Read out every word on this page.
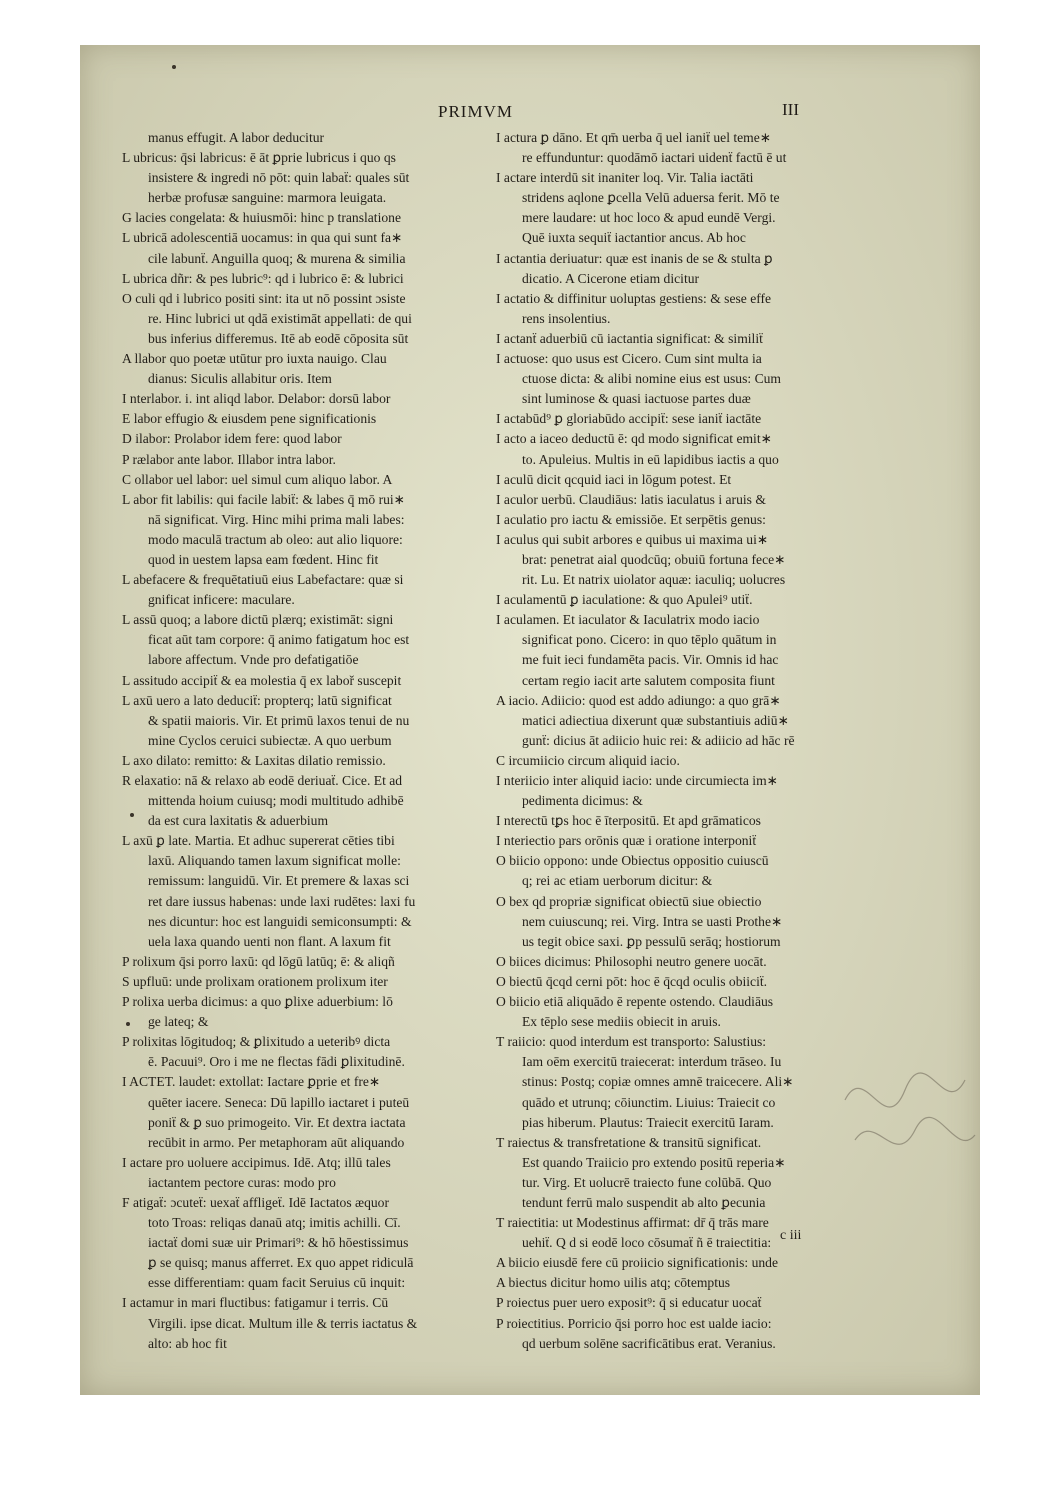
PRIMVM	III
manus effugit. A labor deducitur
L ubricus: q̄si labricus: ē āt ꝑprie lubricus i quo qs
insistere & ingredi nō pōt: quin labaẗ: quales sūt
herbæ profusæ sanguine: marmora leuigata.
G lacies congelata: & huiusmōi: hinc p translatione
L ubricā adolescentiā uocamus: in qua qui sunt fa∗
cile labunẗ. Anguilla quoq; & murena & similia
L ubrica dñr: & pes lubric⁹: qd i lubrico ē: & lubrici
O culi qd i lubrico positi sint: ita ut nō possint ɔsiste
re. Hinc lubrici ut qdā existimāt appellati: de qui
bus inferius differemus. Itē ab eodē cōposita sūt
A llabor quo poetæ utūtur pro iuxta nauigo. Clau
dianus: Siculis allabitur oris. Item
I nterlabor. i. int aliqd labor. Delabor: dorsū labor
E labor effugio & eiusdem pene significationis
D ilabor: Prolabor idem fere: quod labor
P rælabor ante labor. Illabor intra labor.
C ollabor uel labor: uel simul cum aliquo labor. A
L abor fit labilis: qui facile labiẗ: & labes q̄ mō rui∗
nā significat. Virg. Hinc mihi prima mali labes:
modo maculā tractum ab oleo: aut alio liquore:
quod in uestem lapsa eam fœdent. Hinc fit
L abefacere & frequētatiuū eius Labefactare: quæ si
gnificat inficere: maculare.
L assū quoq; a labore dictū plærq; existimāt: signi
ficat aūt tam corpore: q̄ animo fatigatum hoc est
labore affectum. Vnde pro defatigatiōe
L assitudo accipiẗ & ea molestia q̄ ex laboř suscepit
L axū uero a lato deduciẗ: propterq; latū significat
& spatii maioris. Vir. Et primū laxos tenui de nu
mine Cyclos ceruici subiectæ. A quo uerbum
L axo dilato: remitto: & Laxitas dilatio remissio.
R elaxatio: nā & relaxo ab eodē deriuaẗ. Cice. Et ad
mittenda hoium cuiusq; modi multitudo adhibē
da est cura laxitatis & aduerbium
L axū ꝑ late. Martia. Et adhuc supererat cēties tibi
laxū. Aliquando tamen laxum significat molle:
remissum: languidū. Vir. Et premere & laxas sci
ret dare iussus habenas: unde laxi rudētes: laxi fu
nes dicuntur: hoc est languidi semiconsumpti: &
uela laxa quando uenti non flant. A laxum fit
P rolixum q̄si porro laxū: qd lōgū latūq; ē: & aliqñ
S upfluū: unde prolixam orationem prolixum iter
P rolixa uerba dicimus: a quo ꝑlixe aduerbium: lō
ge lateq; &
P rolixitas lōgitudoq; & ꝑlixitudo a ueteribꝰ dicta
ē. Pacuui⁹. Oro i me ne flectas fādi ꝑlixitudinē.
I ACTET. laudet: extollat: Iactare ꝑprie et fre∗
quēter iacere. Seneca: Dū lapillo iactaret i puteū
poniẗ & ꝑ suo primogeito. Vir. Et dextra iactata
recūbit in armo. Per metaphoram aūt aliquando
I actare pro uoluere accipimus. Idē. Atq; illū tales
iactantem pectore curas: modo pro
F atigaẗ: ɔcuteẗ: uexaẗ affligeẗ. Idē Iactatos æquor
toto Troas: reliqas danaū atq; imitis achilli. Cī.
iactaẗ domi suæ uir Primari⁹: & hō hōestissimus
ꝑ se quisq; manus afferret. Ex quo appet ridiculā
esse differentiam: quam facit Seruius cū inquit:
I actamur in mari fluctibus: fatigamur i terris. Cū
Virgili. ipse dicat. Multum ille & terris iactatus &
alto: ab hoc fit
I actura ꝑ dāno. Et qm̄ uerba q̄ uel ianiẗ uel teme∗
re effunduntur: quodāmō iactari uidenẗ factū ē ut
I actare interdū sit inaniter loq. Vir. Talia iactāti
stridens aqlone ꝑcella Velū aduersa ferit. Mō te
mere laudare: ut hoc loco & apud eundē Vergi.
Quē iuxta sequiẗ iactantior ancus. Ab hoc
I actantia deriuatur: quæ est inanis de se & stulta ꝑ
dicatio. A Cicerone etiam dicitur
I actatio & diffinitur uoluptas gestiens: & sese effe
rens insolentius.
I actanẗ aduerbiū cū iactantia significat: & similiẗ
I actuose: quo usus est Cicero. Cum sint multa ia
ctuose dicta: & alibi nomine eius est usus: Cum
sint luminose & quasi iactuose partes duæ
I actabūd⁹ ꝑ gloriabūdo accipiẗ: sese ianiẗ iactāte
I acto a iaceo deductū ē: qd modo significat emit∗
to. Apuleius. Multis in eū lapidibus iactis a quo
I aculū dicit qcquid iaci in lōgum potest. Et
I aculor uerbū. Claudiāus: latis iaculatus i aruis &
I aculatio pro iactu & emissiōe. Et serpētis genus:
I aculus qui subit arbores e quibus ui maxima ui∗
brat: penetrat aial quodcūq; obuiū fortuna fece∗
rit. Lu. Et natrix uiolator aquæ: iaculiq; uolucres
I aculamentū ꝑ iaculatione: & quo Apulei⁹ utiẗ.
I aculamen. Et iaculator & Iaculatrix modo iacio
significat pono. Cicero: in quo tēplo quātum in
me fuit ieci fundamēta pacis. Vir. Omnis id hac
certam regio iacit arte salutem composita fiunt
A iacio. Adiicio: quod est addo adiungo: a quo grā∗
matici adiectiua dixerunt quæ substantiuis adiū∗
gunẗ: dicius āt adiicio huic rei: & adiicio ad hāc rē
C ircumiicio circum aliquid iacio.
I nteriicio inter aliquid iacio: unde circumiecta im∗
pedimenta dicimus: &
I nterectū tꝑs hoc ē īterpositū. Et apd grāmaticos
I nteriectio pars orōnis quæ i oratione interponiẗ
O biicio oppono: unde Obiectus oppositio cuiuscū
q; rei ac etiam uerborum dicitur: &
O bex qd propriæ significat obiectū siue obiectio
nem cuiuscunq; rei. Virg. Intra se uasti Prothe∗
us tegit obice saxi. ꝑp pessulū serāq; hostiorum
O biices dicimus: Philosophi neutro genere uocāt.
O biectū q̄cqd cerni pōt: hoc ē q̄cqd oculis obiiciẗ.
O biicio etiā aliquādo ē repente ostendo. Claudiāus
Ex tēplo sese mediis obiecit in aruis.
T raiicio: quod interdum est transporto: Salustius:
Iam oēm exercitū traiecerat: interdum trāseo. Iu
stinus: Postq; copiæ omnes amnē traicecere. Ali∗
quādo et utrunq; cōiunctim. Liuius: Traiecit co
pias hiberum. Plautus: Traiecit exercitū Iaram.
T raiectus & transfretatione & transitū significat.
Est quando Traiicio pro extendo positū reperia∗
tur. Virg. Et uolucrē traiecto fune colūbā. Quo
tendunt ferrū malo suspendit ab alto ꝑecunia
T raiectitia: ut Modestinus affirmat: dr̄ q̄ trās mare
uehiẗ. Q d si eodē loco cōsumaẗ ñ ē traiectitia:
A biicio eiusdē fere cū proiicio significationis: unde
A biectus dicitur homo uilis atq; cōtemptus
P roiectus puer uero exposit⁹: q̄ si educatur uocaẗ
P roiectitius. Porricio q̄si porro hoc est ualde iacio:
qd uerbum solēne sacrificātibus erat. Veranius.
c iii
